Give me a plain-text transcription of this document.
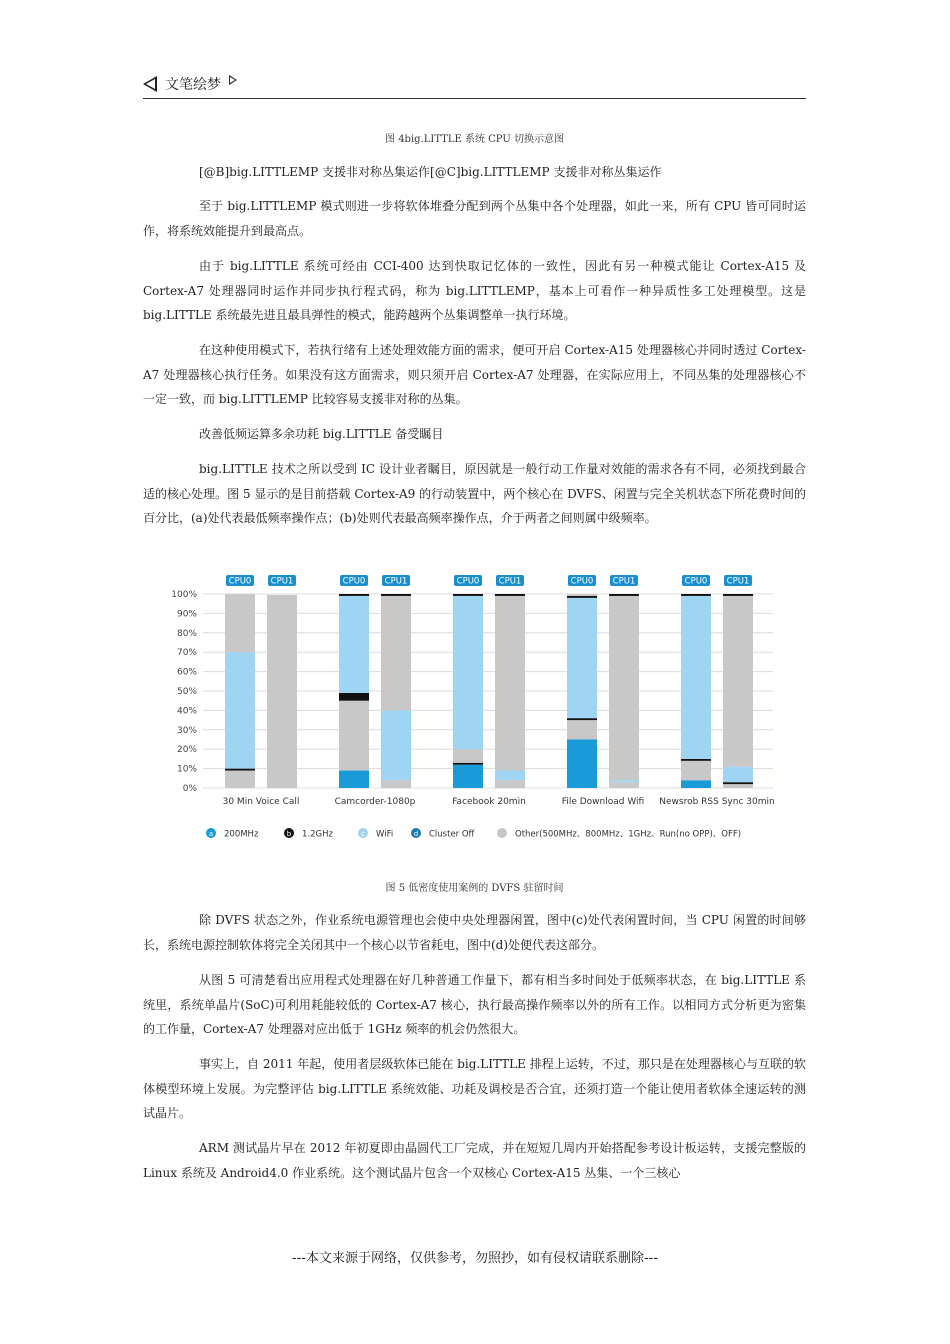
文笔绘梦
图 4big.LITTLE 系统 CPU 切换示意图

[@B]big.LITTLEMP 支援非对称丛集运作[@C]big.LITTLEMP 支援非对称丛集运作

至于 big.LITTLEMP 模式则进一步将软体堆叠分配到两个丛集中各个处理器，如此一来，所有 CPU 皆可同时运作，将系统效能提升到最高点。

由于 big.LITTLE 系统可经由 CCI-400 达到快取记忆体的一致性，因此有另一种模式能让 Cortex-A15 及 Cortex-A7 处理器同时运作并同步执行程式码，称为 big.LITTLEMP，基本上可看作一种异质性多工处理模型。这是 big.LITTLE 系统最先进且最具弹性的模式，能跨越两个丛集调整单一执行环境。

在这种使用模式下，若执行绪有上述处理效能方面的需求，便可开启 Cortex-A15 处理器核心并同时透过 Cortex-A7 处理器核心执行任务。如果没有这方面需求，则只须开启 Cortex-A7 处理器，在实际应用上，不同丛集的处理器核心不一定一致，而 big.LITTLEMP 比较容易支援非对称的丛集。

改善低频运算多余功耗 big.LITTLE 备受瞩目

big.LITTLE 技术之所以受到 IC 设计业者瞩目，原因就是一般行动工作量对效能的需求各有不同，必须找到最合适的核心处理。图 5 显示的是目前搭载 Cortex-A9 的行动装置中，两个核心在 DVFS、闲置与完全关机状态下所花费时间的百分比，(a)处代表最低频率操作点；(b)处则代表最高频率操作点，介于两者之间则属中级频率。

0%
10%
20%
30%
40%
50%
60%
70%
80%
90%
100%
CPU0 CPU1
30 Min Voice Call
CPU0 CPU1
Camcorder-1080p
CPU0 CPU1
Facebook 20min
CPU0 CPU1
File Download Wifi
CPU0 CPU1
Newsrob RSS Sync 30min
a 200MHz	b 1.2GHz	c WiFi	d Cluster Off	Other(500MHz、800MHz、1GHz、Run(no OPP)、OFF)
图 5 低密度使用案例的 DVFS 驻留时间

除 DVFS 状态之外，作业系统电源管理也会使中央处理器闲置，图中(c)处代表闲置时间，当 CPU 闲置的时间够长，系统电源控制软体将完全关闭其中一个核心以节省耗电，图中(d)处便代表这部分。

从图 5 可清楚看出应用程式处理器在好几种普通工作量下，都有相当多时间处于低频率状态，在 big.LITTLE 系统里，系统单晶片(SoC)可利用耗能较低的 Cortex-A7 核心，执行最高操作频率以外的所有工作。以相同方式分析更为密集的工作量，Cortex-A7 处理器对应出低于 1GHz 频率的机会仍然很大。

事实上，自 2011 年起，使用者层级软体已能在 big.LITTLE 排程上运转，不过，那只是在处理器核心与互联的软体模型环境上发展。为完整评估 big.LITTLE 系统效能、功耗及调校是否合宜，还须打造一个能让使用者软体全速运转的测试晶片。

ARM 测试晶片早在 2012 年初夏即由晶圆代工厂完成，并在短短几周内开始搭配参考设计板运转，支援完整版的 Linux 系统及 Android4.0 作业系统。这个测试晶片包含一个双核心 Cortex-A15 丛集、一个三核心

---本文来源于网络，仅供参考，勿照抄，如有侵权请联系删除---
